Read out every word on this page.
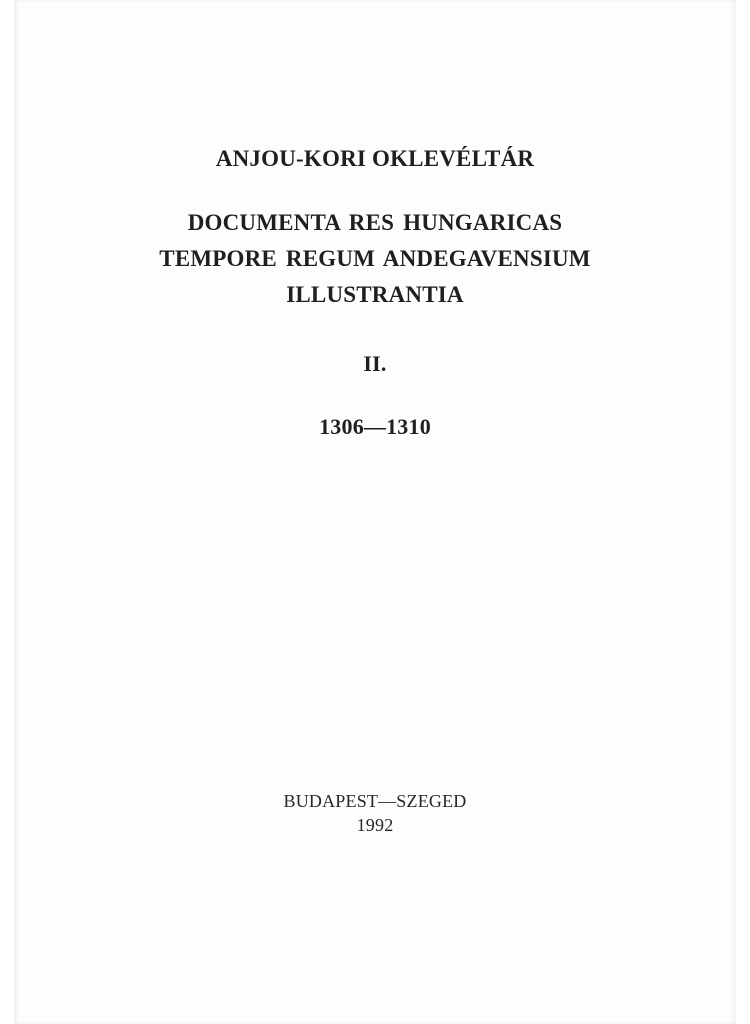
ANJOU-KORI OKLEVÉLTÁR
DOCUMENTA RES HUNGARICAS
TEMPORE REGUM ANDEGAVENSIUM
ILLUSTRANTIA
II.
1306—1310
BUDAPEST—SZEGED
1992
